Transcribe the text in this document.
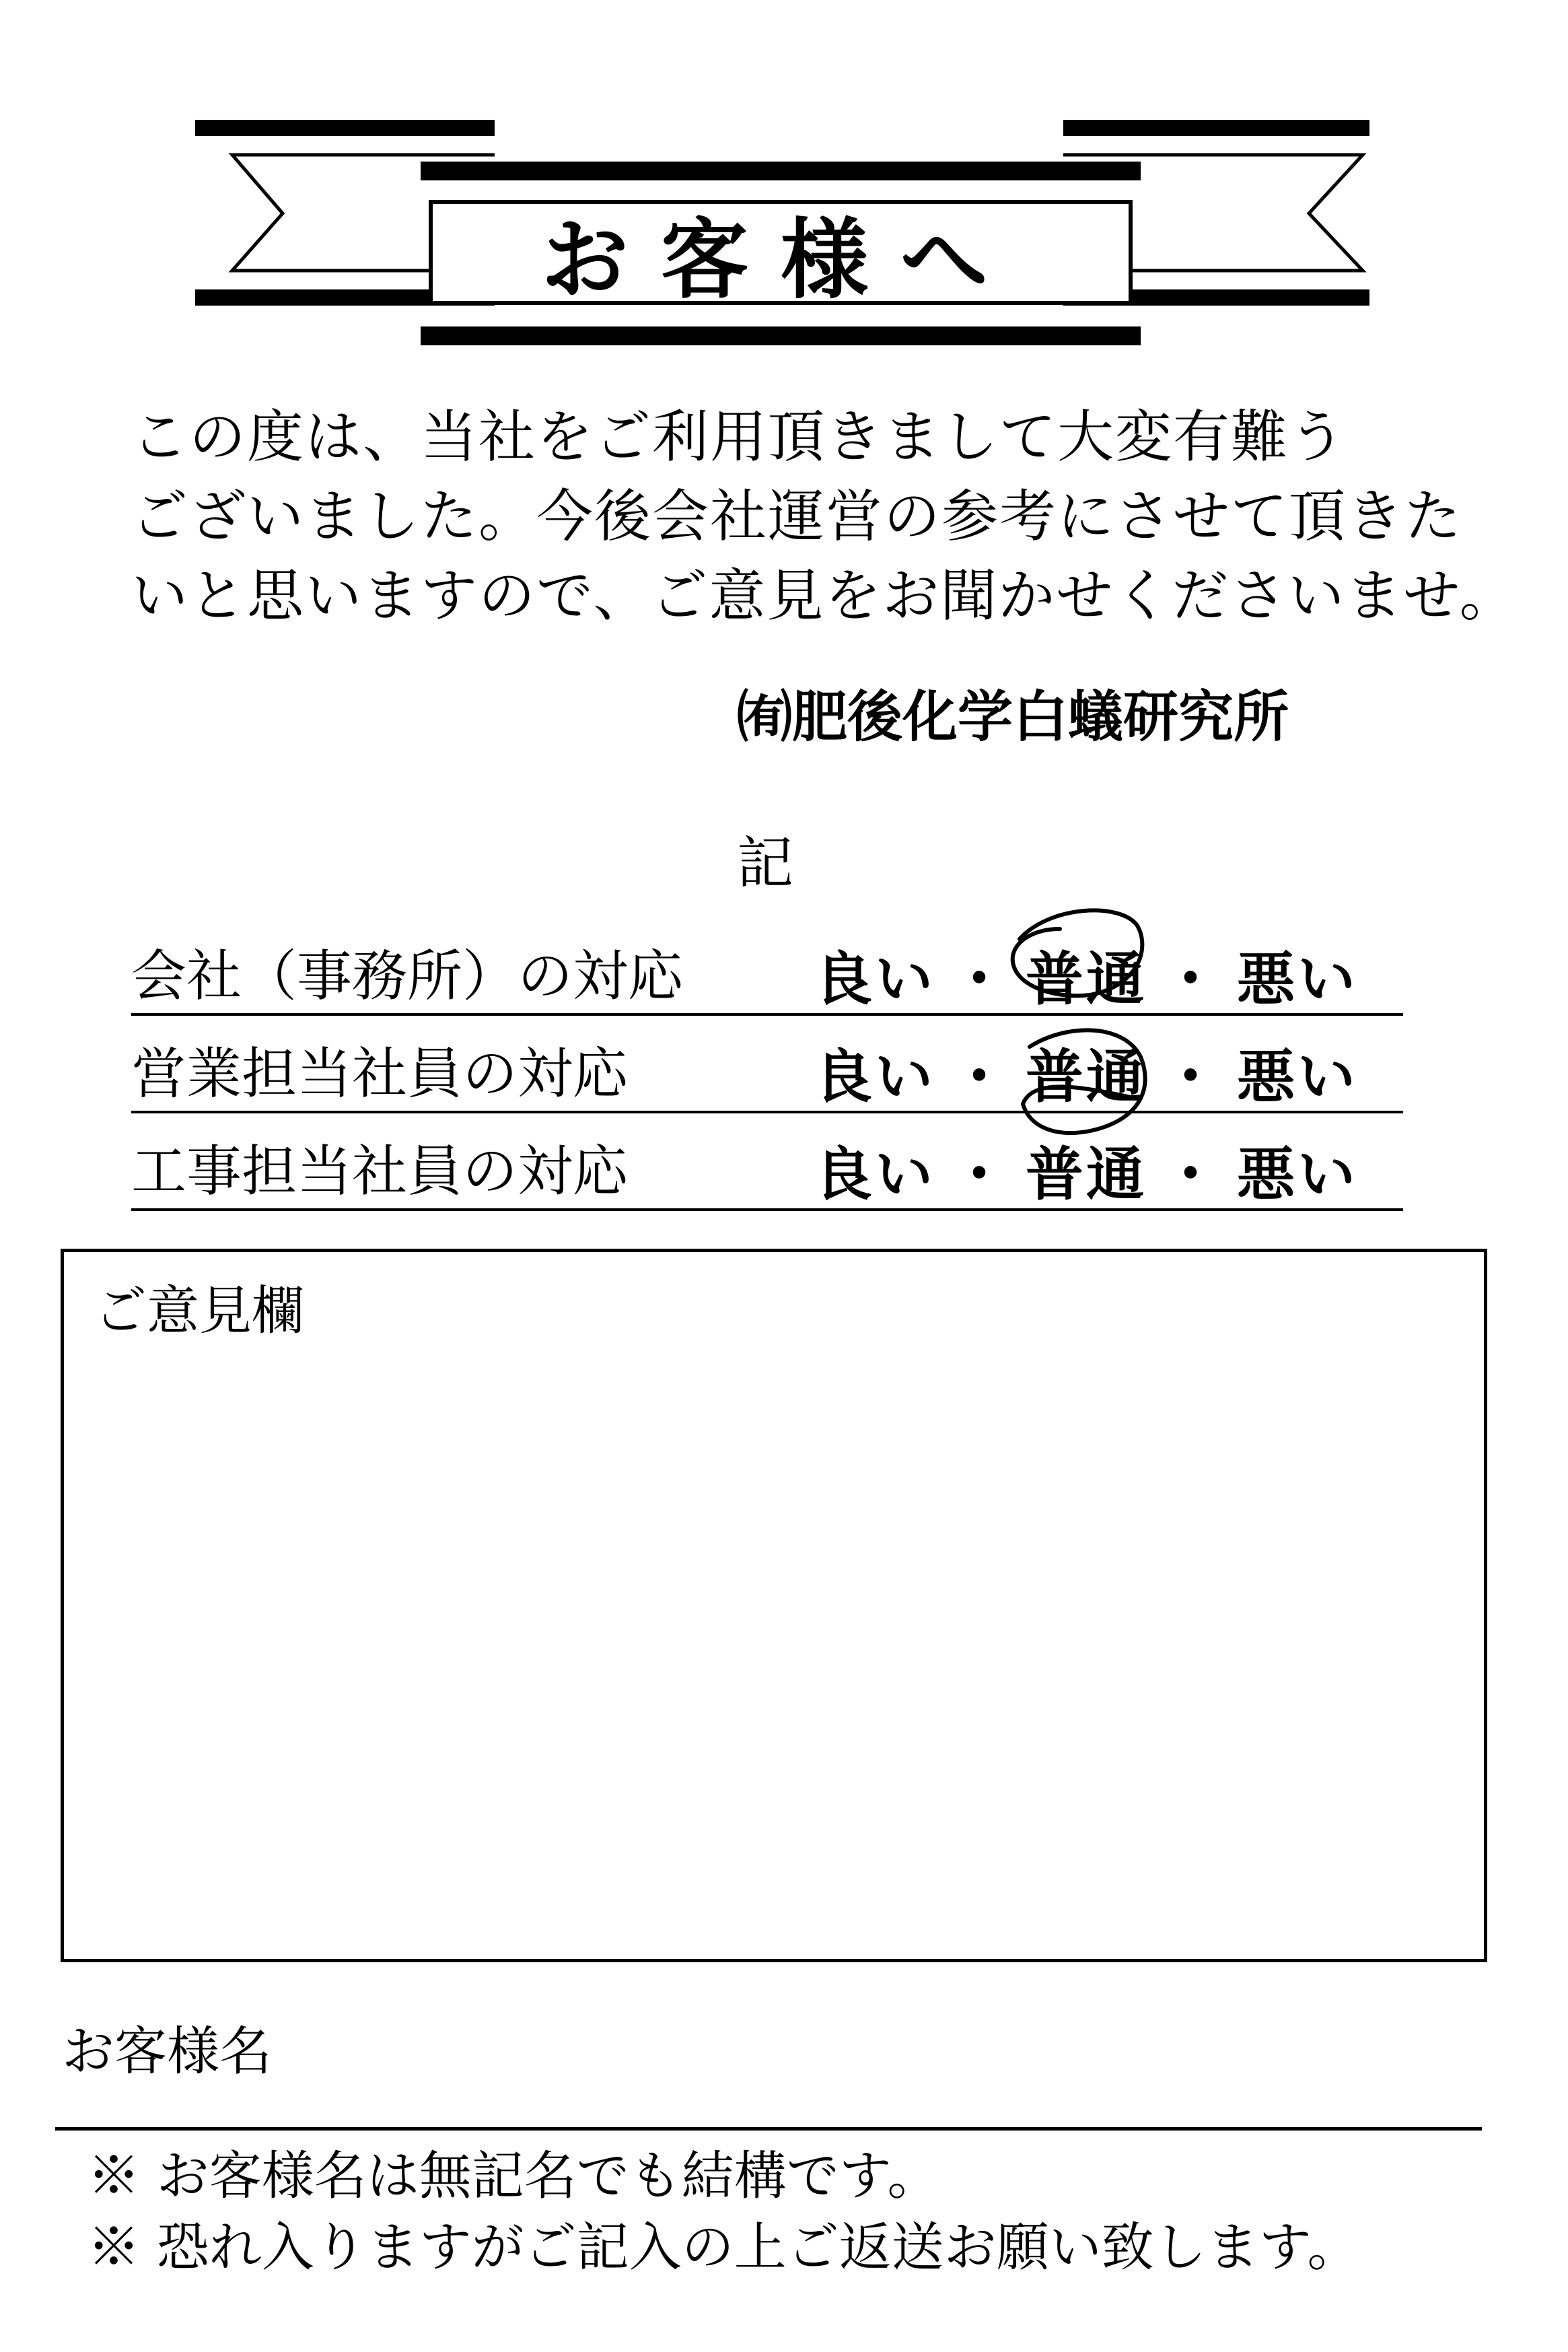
お客様へ
この度は、当社をご利用頂きまして大変有難う
ございました。今後会社運営の参考にさせて頂きた
いと思いますので、ご意見をお聞かせくださいませ。
㈲肥後化学白蟻研究所
記
会社（事務所）の対応 良い ・ 普通 ・ 悪い
営業担当社員の対応	良い ・ 普通 ・ 悪い
工事担当社員の対応	良い ・ 普通 ・ 悪い
ご意見欄
お客様名
※ お客様名は無記名でも結構です。
※ 恐れ入りますがご記入の上ご返送お願い致します。
